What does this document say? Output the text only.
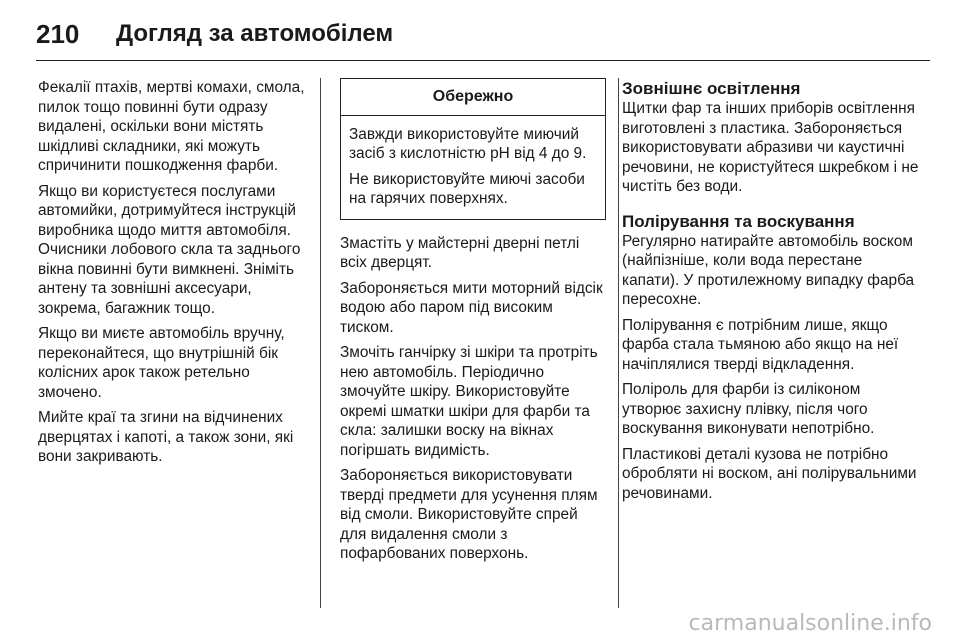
210	Догляд за автомобілем

Фекалії птахів, мертві комахи, смола, пилок тощо повинні бути одразу видалені, оскільки вони містять шкідливі складники, які можуть спричинити пошкодження фарби.

Якщо ви користуєтеся послугами автомийки, дотримуйтеся інструкцій виробника щодо миття автомобіля. Очисники лобового скла та заднього вікна повинні бути вимкнені. Зніміть антену та зовнішні аксесуари, зокрема, багажник тощо.

Якщо ви миєте автомобіль вручну, переконайтеся, що внутрішній бік колісних арок також ретельно змочено.

Мийте краї та згини на відчинених дверцятах і капоті, а також зони, які вони закривають.

Обережно

Завжди використовуйте миючий засіб з кислотністю рН від 4 до 9.

Не використовуйте миючі засоби на гарячих поверхнях.

Змастіть у майстерні дверні петлі всіх дверцят.

Забороняється мити моторний відсік водою або паром під високим тиском.

Змочіть ганчірку зі шкіри та протріть нею автомобіль. Періодично змочуйте шкіру. Використовуйте окремі шматки шкіри для фарби та скла: залишки воску на вікнах погіршать видимість.

Забороняється використовувати тверді предмети для усунення плям від смоли. Використовуйте спрей для видалення смоли з пофарбованих поверхонь.

Зовнішнє освітлення

Щитки фар та інших приборів освітлення виготовлені з пластика. Забороняється використовувати абразиви чи каустичні речовини, не користуйтеся шкребком і не чистіть без води.

Полірування та воскування

Регулярно натирайте автомобіль воском (найпізніше, коли вода перестане капати). У протилежному випадку фарба пересохне.

Полірування є потрібним лише, якщо фарба стала тьмяною або якщо на неї начіплялися тверді відкладення.

Поліроль для фарби із силіконом утворює захисну плівку, після чого воскування виконувати непотрібно.

Пластикові деталі кузова не потрібно обробляти ні воском, ані полірувальними речовинами.

carmanualsonline.info
